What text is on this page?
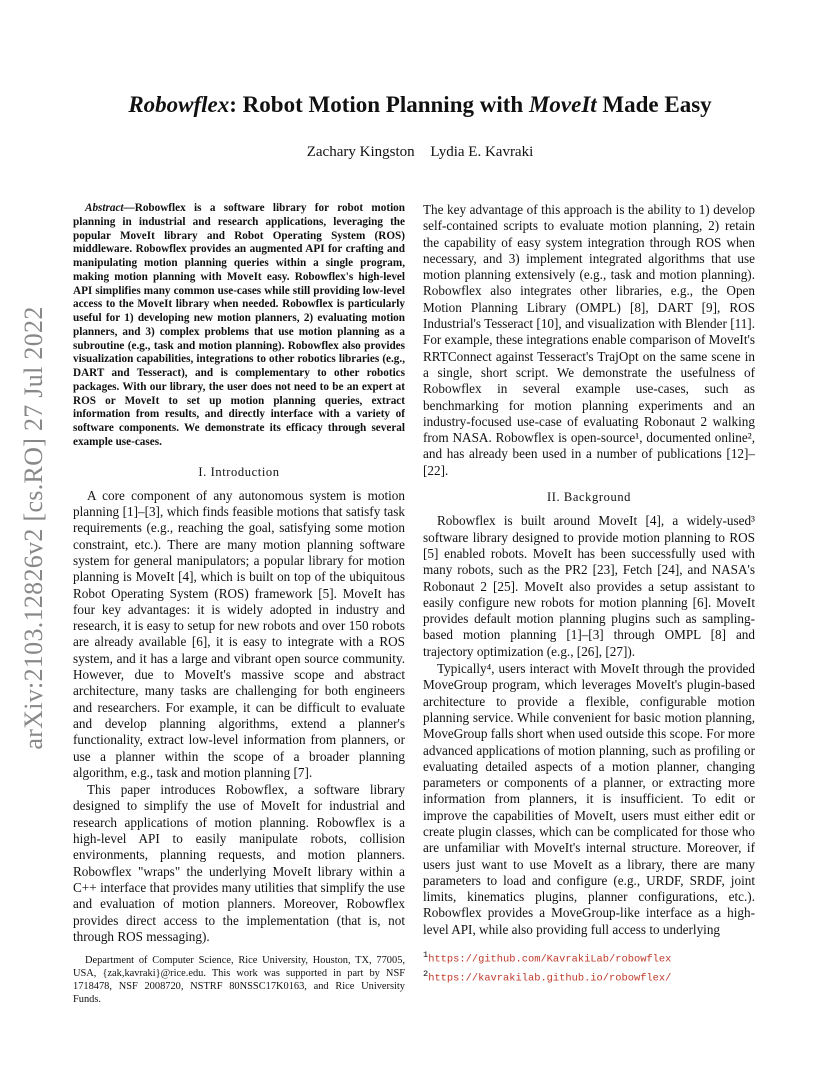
arXiv:2103.12826v2 [cs.RO] 27 Jul 2022
Robowflex: Robot Motion Planning with MoveIt Made Easy
Zachary Kingston Lydia E. Kavraki
Abstract—Robowflex is a software library for robot motion planning in industrial and research applications, leveraging the popular MoveIt library and Robot Operating System (ROS) middleware. Robowflex provides an augmented API for crafting and manipulating motion planning queries within a single program, making motion planning with MoveIt easy. Robowflex's high-level API simplifies many common use-cases while still providing low-level access to the MoveIt library when needed. Robowflex is particularly useful for 1) developing new motion planners, 2) evaluating motion planners, and 3) complex problems that use motion planning as a subroutine (e.g., task and motion planning). Robowflex also provides visualization capabilities, integrations to other robotics libraries (e.g., DART and Tesseract), and is complementary to other robotics packages. With our library, the user does not need to be an expert at ROS or MoveIt to set up motion planning queries, extract information from results, and directly interface with a variety of software components. We demonstrate its efficacy through several example use-cases.
I. Introduction

A core component of any autonomous system is motion planning [1]–[3], which finds feasible motions that satisfy task requirements (e.g., reaching the goal, satisfying some motion constraint, etc.). There are many motion planning software system for general manipulators; a popular library for motion planning is MoveIt [4], which is built on top of the ubiquitous Robot Operating System (ROS) framework [5]. MoveIt has four key advantages: it is widely adopted in industry and research, it is easy to setup for new robots and over 150 robots are already available [6], it is easy to integrate with a ROS system, and it has a large and vibrant open source community. However, due to MoveIt's massive scope and abstract architecture, many tasks are challenging for both engineers and researchers. For example, it can be difficult to evaluate and develop planning algorithms, extend a planner's functionality, extract low-level information from planners, or use a planner within the scope of a broader planning algorithm, e.g., task and motion planning [7].

This paper introduces Robowflex, a software library designed to simplify the use of MoveIt for industrial and research applications of motion planning. Robowflex is a high-level API to easily manipulate robots, collision environments, planning requests, and motion planners. Robowflex "wraps" the underlying MoveIt library within a C++ interface that provides many utilities that simplify the use and evaluation of motion planners. Moreover, Robowflex provides direct access to the implementation (that is, not through ROS messaging).

Department of Computer Science, Rice University, Houston, TX, 77005, USA, {zak,kavraki}@rice.edu. This work was supported in part by NSF 1718478, NSF 2008720, NSTRF 80NSSC17K0163, and Rice University Funds.

The key advantage of this approach is the ability to 1) develop self-contained scripts to evaluate motion planning, 2) retain the capability of easy system integration through ROS when necessary, and 3) implement integrated algorithms that use motion planning extensively (e.g., task and motion planning). Robowflex also integrates other libraries, e.g., the Open Motion Planning Library (OMPL) [8], DART [9], ROS Industrial's Tesseract [10], and visualization with Blender [11]. For example, these integrations enable comparison of MoveIt's RRTConnect against Tesseract's TrajOpt on the same scene in a single, short script. We demonstrate the usefulness of Robowflex in several example use-cases, such as benchmarking for motion planning experiments and an industry-focused use-case of evaluating Robonaut 2 walking from NASA. Robowflex is open-source¹, documented online², and has already been used in a number of publications [12]–[22].

II. Background

Robowflex is built around MoveIt [4], a widely-used³ software library designed to provide motion planning to ROS [5] enabled robots. MoveIt has been successfully used with many robots, such as the PR2 [23], Fetch [24], and NASA's Robonaut 2 [25]. MoveIt also provides a setup assistant to easily configure new robots for motion planning [6]. MoveIt provides default motion planning plugins such as sampling-based motion planning [1]–[3] through OMPL [8] and trajectory optimization (e.g., [26], [27]).

Typically⁴, users interact with MoveIt through the provided MoveGroup program, which leverages MoveIt's plugin-based architecture to provide a flexible, configurable motion planning service. While convenient for basic motion planning, MoveGroup falls short when used outside this scope. For more advanced applications of motion planning, such as profiling or evaluating detailed aspects of a motion planner, changing parameters or components of a planner, or extracting more information from planners, it is insufficient. To edit or improve the capabilities of MoveIt, users must either edit or create plugin classes, which can be complicated for those who are unfamiliar with MoveIt's internal structure. Moreover, if users just want to use MoveIt as a library, there are many parameters to load and configure (e.g., URDF, SRDF, joint limits, kinematics plugins, planner configurations, etc.). Robowflex provides a MoveGroup-like interface as a high-level API, while also providing full access to underlying

$^1$https://github.com/KavrakiLab/robowflex
$^2$https://kavrakilab.github.io/robowflex/
